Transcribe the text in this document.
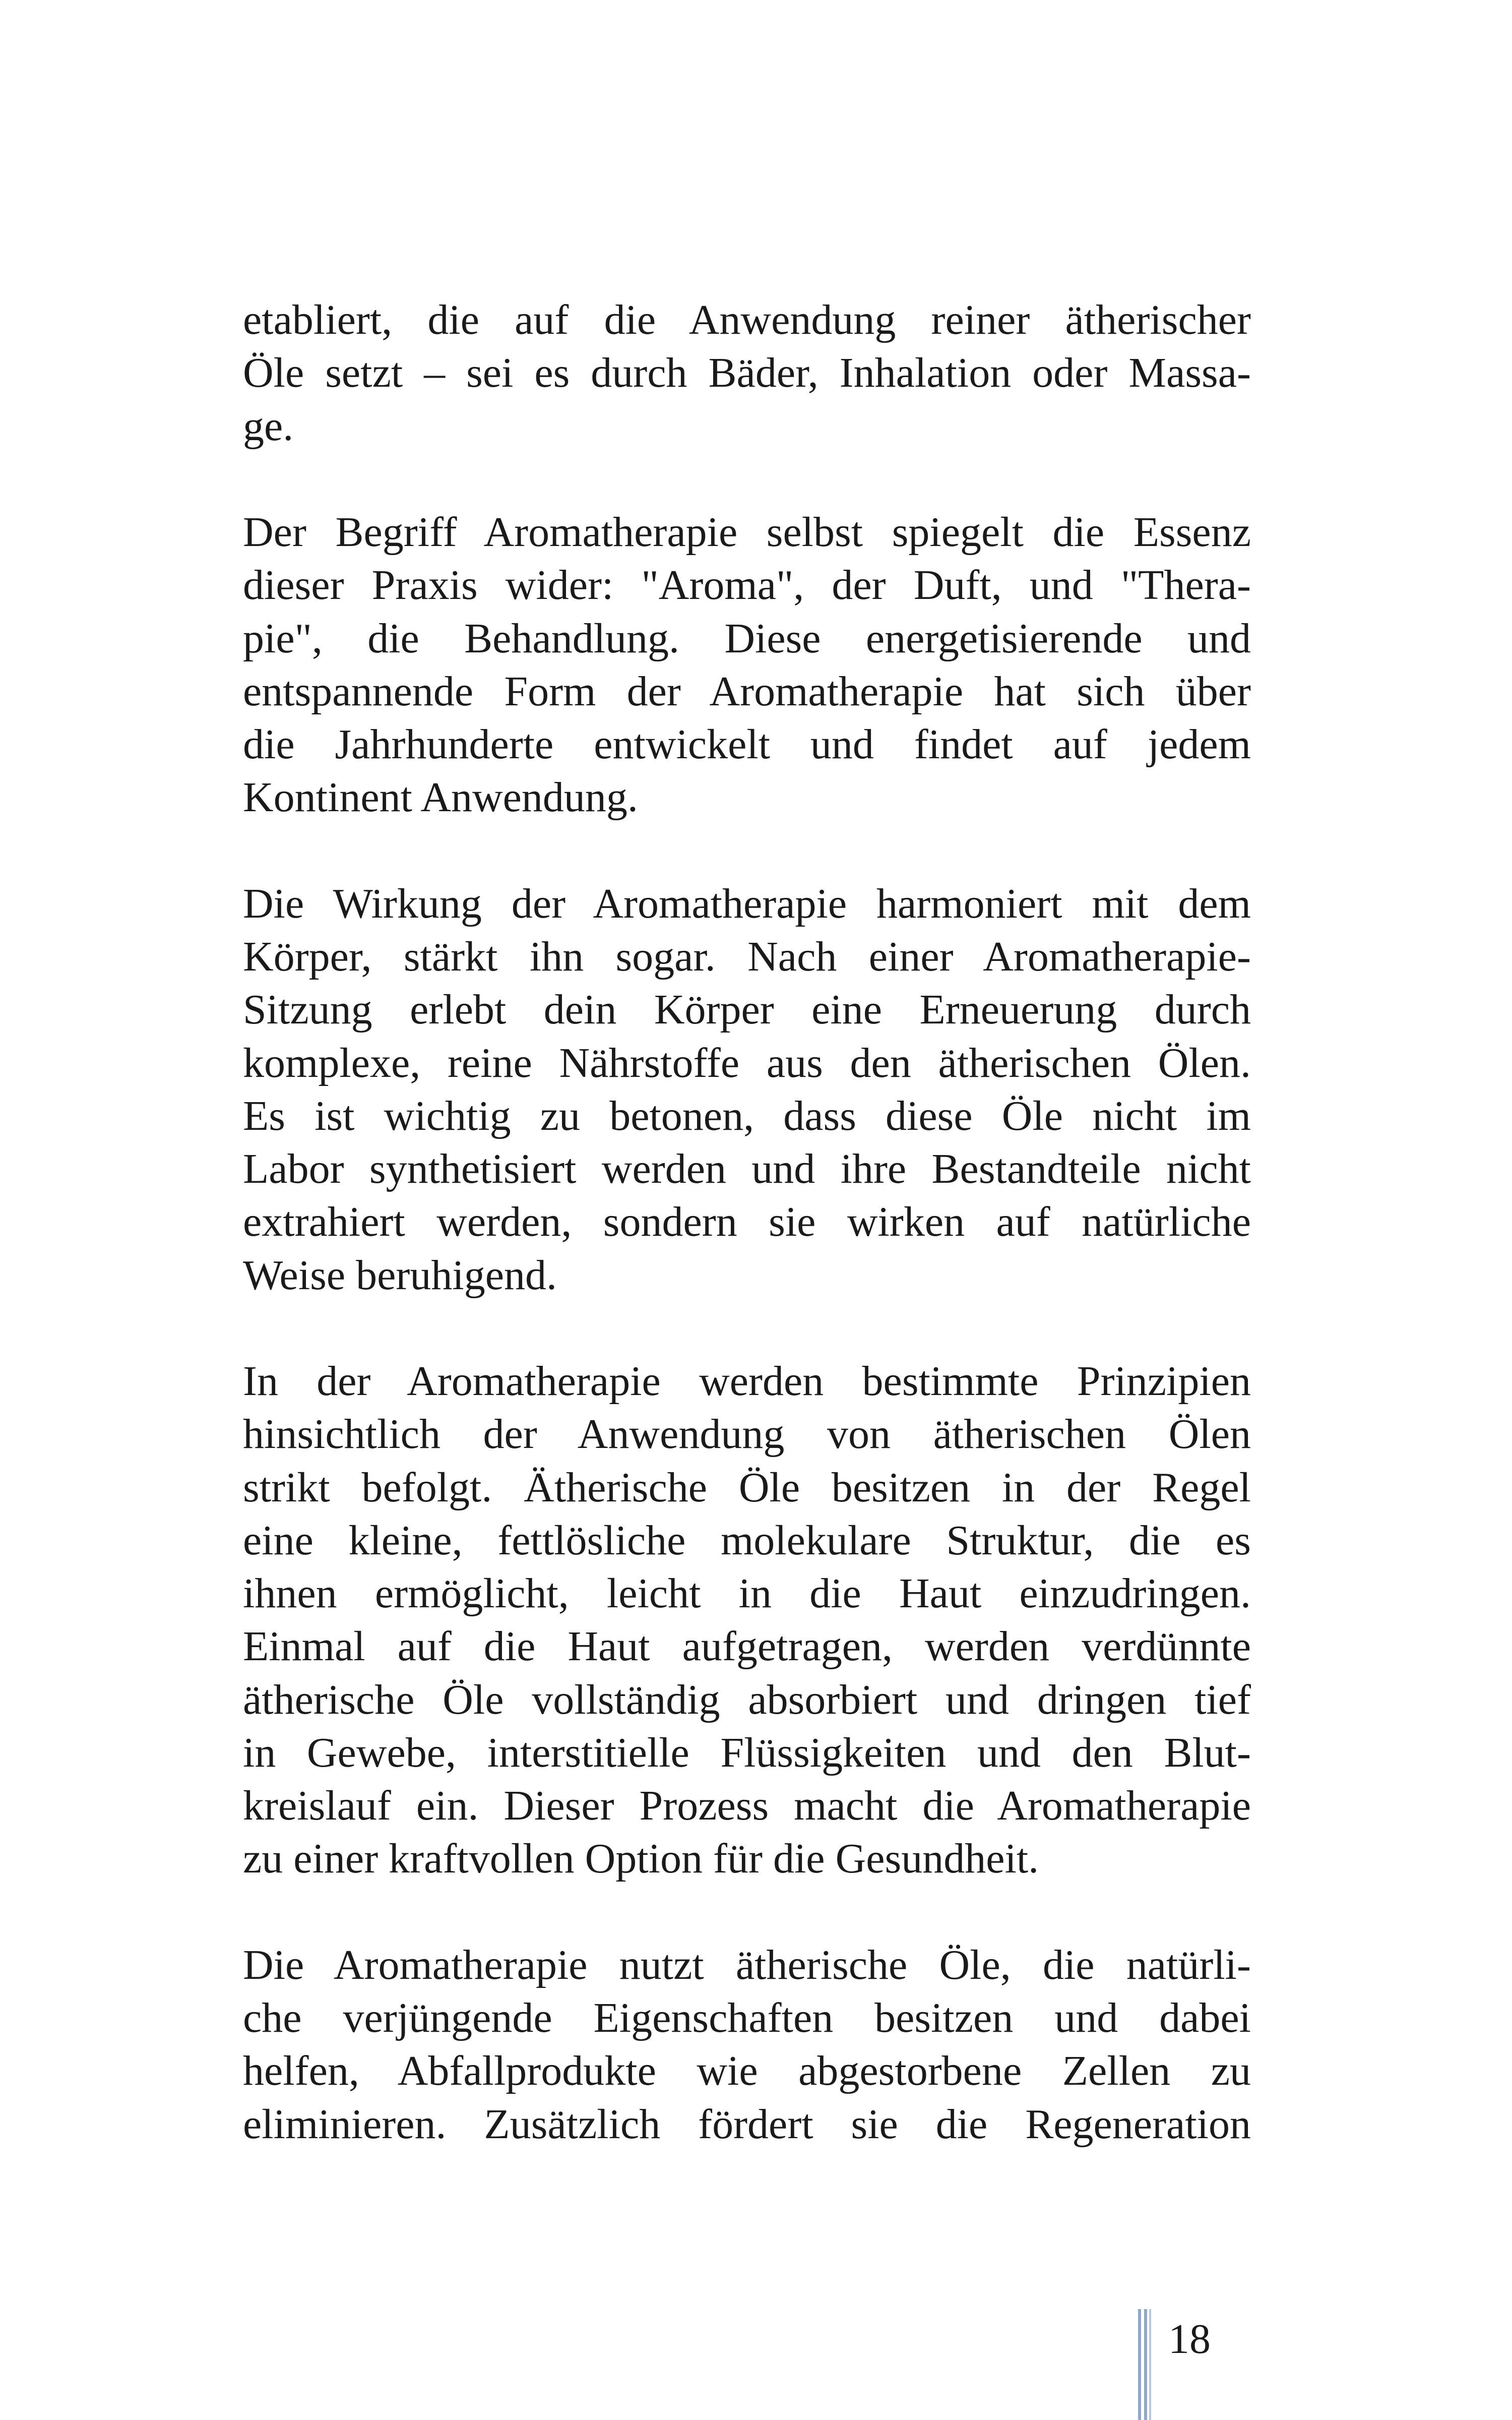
etabliert, die auf die Anwendung reiner ätherischer
Öle setzt – sei es durch Bäder, Inhalation oder Massa-
ge.
Der Begriff Aromatherapie selbst spiegelt die Essenz
dieser Praxis wider: "Aroma", der Duft, und "Thera-
pie", die Behandlung. Diese energetisierende und
entspannende Form der Aromatherapie hat sich über
die Jahrhunderte entwickelt und findet auf jedem
Kontinent Anwendung.
Die Wirkung der Aromatherapie harmoniert mit dem
Körper, stärkt ihn sogar. Nach einer Aromatherapie-
Sitzung erlebt dein Körper eine Erneuerung durch
komplexe, reine Nährstoffe aus den ätherischen Ölen.
Es ist wichtig zu betonen, dass diese Öle nicht im
Labor synthetisiert werden und ihre Bestandteile nicht
extrahiert werden, sondern sie wirken auf natürliche
Weise beruhigend.
In der Aromatherapie werden bestimmte Prinzipien
hinsichtlich der Anwendung von ätherischen Ölen
strikt befolgt. Ätherische Öle besitzen in der Regel
eine kleine, fettlösliche molekulare Struktur, die es
ihnen ermöglicht, leicht in die Haut einzudringen.
Einmal auf die Haut aufgetragen, werden verdünnte
ätherische Öle vollständig absorbiert und dringen tief
in Gewebe, interstitielle Flüssigkeiten und den Blut-
kreislauf ein. Dieser Prozess macht die Aromatherapie
zu einer kraftvollen Option für die Gesundheit.
Die Aromatherapie nutzt ätherische Öle, die natürli-
che verjüngende Eigenschaften besitzen und dabei
helfen, Abfallprodukte wie abgestorbene Zellen zu
eliminieren. Zusätzlich fördert sie die Regeneration
18
